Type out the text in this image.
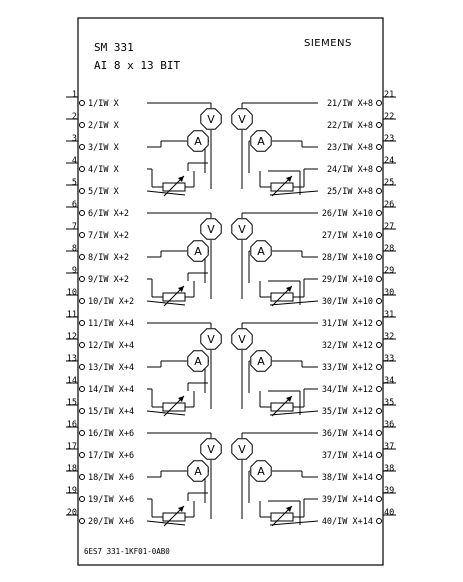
SM 331
AI 8 x 13 BIT
SIEMENS
6ES7 331-1KF01-0AB0
1
1/IW X
2
2/IW X
3
3/IW X
4
4/IW X
5
5/IW X
6
6/IW X+2
7
7/IW X+2
8
8/IW X+2
9
9/IW X+2
10
10/IW X+2
11
11/IW X+4
12
12/IW X+4
13
13/IW X+4
14
14/IW X+4
15
15/IW X+4
16
16/IW X+6
17
17/IW X+6
18
18/IW X+6
19
19/IW X+6
20
20/IW X+6
21
21/IW X+8
22
22/IW X+8
23
23/IW X+8
24
24/IW X+8
25
25/IW X+8
26
26/IW X+10
27
27/IW X+10
28
28/IW X+10
29
29/IW X+10
30
30/IW X+10
31
31/IW X+12
32
32/IW X+12
33
33/IW X+12
34
34/IW X+12
35
35/IW X+12
36
36/IW X+14
37
37/IW X+14
38
38/IW X+14
39
39/IW X+14
40
40/IW X+14
V
A
V
A
V
A
V
A
V
A
V
A
V
A
V
A
